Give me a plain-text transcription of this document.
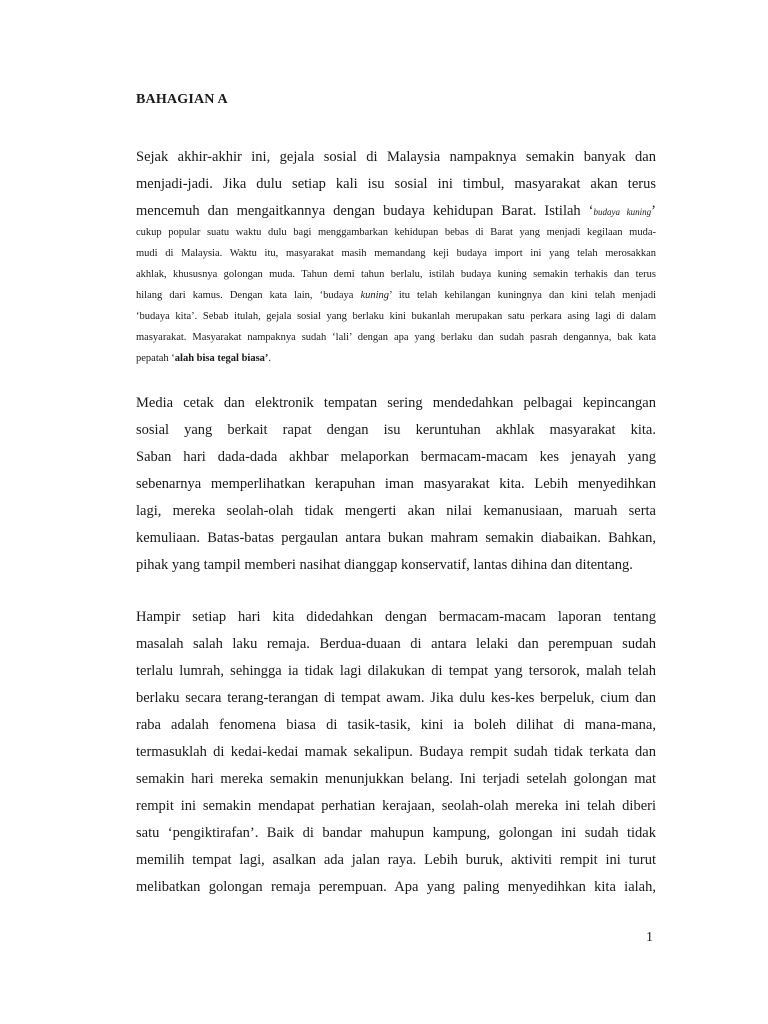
BAHAGIAN A
Sejak akhir-akhir ini, gejala sosial di Malaysia nampaknya semakin banyak dan
menjadi-jadi. Jika dulu setiap kali isu sosial ini timbul, masyarakat akan terus
mencemuh dan mengaitkannya dengan budaya kehidupan Barat. Istilah ‘budaya kuning’
cukup popular suatu waktu dulu bagi menggambarkan kehidupan bebas di Barat yang menjadi kegilaan muda-
mudi di Malaysia. Waktu itu, masyarakat masih memandang keji budaya import ini yang telah merosakkan
akhlak, khususnya golongan muda. Tahun demi tahun berlalu, istilah budaya kuning semakin terhakis dan terus
hilang dari kamus. Dengan kata lain, ‘budaya kuning’ itu telah kehilangan kuningnya dan kini telah menjadi
‘budaya kita’. Sebab itulah, gejala sosial yang berlaku kini bukanlah merupakan satu perkara asing lagi di dalam
masyarakat. Masyarakat nampaknya sudah ‘lali’ dengan apa yang berlaku dan sudah pasrah dengannya, bak kata
pepatah ‘alah bisa tegal biasa’.
Media cetak dan elektronik tempatan sering mendedahkan pelbagai kepincangan
sosial yang berkait rapat dengan isu keruntuhan akhlak masyarakat kita.
Saban hari dada-dada akhbar melaporkan bermacam-macam kes jenayah yang
sebenarnya memperlihatkan kerapuhan iman masyarakat kita. Lebih menyedihkan
lagi, mereka seolah-olah tidak mengerti akan nilai kemanusiaan, maruah serta
kemuliaan. Batas-batas pergaulan antara bukan mahram semakin diabaikan. Bahkan,
pihak yang tampil memberi nasihat dianggap konservatif, lantas dihina dan ditentang.
Hampir setiap hari kita didedahkan dengan bermacam-macam laporan tentang
masalah salah laku remaja. Berdua-duaan di antara lelaki dan perempuan sudah
terlalu lumrah, sehingga ia tidak lagi dilakukan di tempat yang tersorok, malah telah
berlaku secara terang-terangan di tempat awam. Jika dulu kes-kes berpeluk, cium dan
raba adalah fenomena biasa di tasik-tasik, kini ia boleh dilihat di mana-mana,
termasuklah di kedai-kedai mamak sekalipun. Budaya rempit sudah tidak terkata dan
semakin hari mereka semakin menunjukkan belang. Ini terjadi setelah golongan mat
rempit ini semakin mendapat perhatian kerajaan, seolah-olah mereka ini telah diberi
satu ‘pengiktirafan’. Baik di bandar mahupun kampung, golongan ini sudah tidak
memilih tempat lagi, asalkan ada jalan raya. Lebih buruk, aktiviti rempit ini turut
melibatkan golongan remaja perempuan. Apa yang paling menyedihkan kita ialah,
1
